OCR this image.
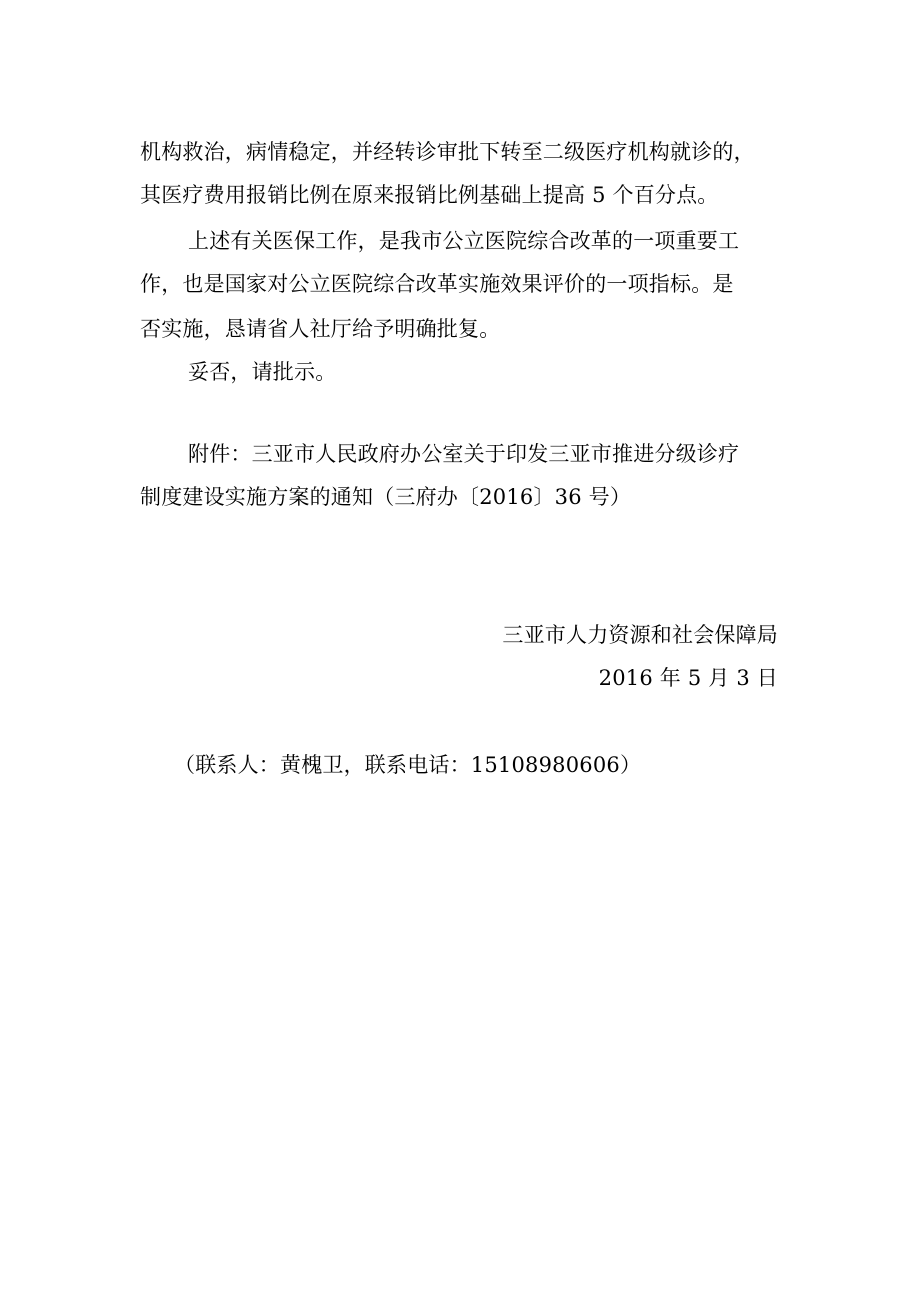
机构救治，病情稳定，并经转诊审批下转至二级医疗机构就诊的，
其医疗费用报销比例在原来报销比例基础上提高 5 个百分点。
上述有关医保工作，是我市公立医院综合改革的一项重要工
作，也是国家对公立医院综合改革实施效果评价的一项指标。是
否实施，恳请省人社厅给予明确批复。
妥否，请批示。
附件：三亚市人民政府办公室关于印发三亚市推进分级诊疗
制度建设实施方案的通知（三府办〔2016〕36 号）
三亚市人力资源和社会保障局
2016 年 5 月 3 日
（联系人：黄槐卫，联系电话：15108980606）
